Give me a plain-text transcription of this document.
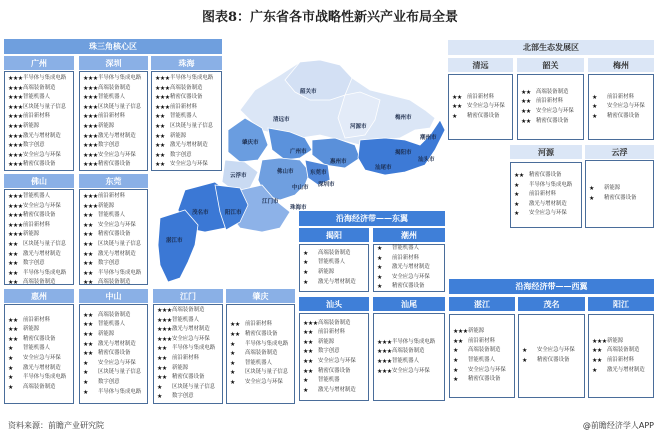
图表8：广东省各市战略性新兴产业布局全景
韶关市
清远市
河源市
梅州市
肇庆市
广州市
惠州市
揭阳市
潮州市
汕头市
汕尾市
云浮市
佛山市	东莞市
深圳市
中山市
江门市
珠海市
茂名市	阳江市
湛江市
珠三角核心区
广州	深圳	珠海
★★★ 半导体与集成电路
★★★ 高端装备制造
★★★ 智能机器人
★★★ 区块链与量子信息
★★★ 前沿新材料
★★★ 新能源
★★★ 激光与增材制造
★★★ 数字创意
★★★ 安全应急与环保
★★★ 精密仪器设备
★★★ 半导体与集成电路
★★★ 高端装备制造
★★★ 智能机器人
★★★ 区块链与量子信息
★★★ 前沿新材料
★★★ 新能源
★★★ 激光与增材制造
★★★ 数字创意
★★★ 安全应急与环保
★★★ 精密仪器设备
★★★ 半导体与集成电路
★★★ 高端装备制造
★★★ 精密仪器设备
★★★ 前沿新材料
★★ 智能机器人
★★ 区块链与量子信息
★★ 新能源
★★ 激光与增材制造
★★ 数字创意
★★ 安全应急与环保
佛山	东莞
★★★ 智能机器人
★★★ 安全应急与环保
★★★ 精密仪器设备
★★★ 前沿新材料
★★★ 新能源
★★ 区块链与量子信息
★★ 激光与增材制造
★★ 数字创意
★★ 半导体与集成电路
★★ 高端装备制造
★★★ 前沿新材料
★★★ 新能源
★★ 智能机器人
★★ 安全应急与环保
★★ 精密仪器设备
★★ 区块链与量子信息
★★ 激光与增材制造
★★ 数字创意
★★ 半导体与集成电路
★★ 高端装备制造
惠州	中山	江门	肇庆
★★ 前沿新材料
★★ 新能源
★★ 精密仪器设备
★	智能机器人
★	安全应急与环保
★	激光与增材制造
★	半导体与集成电路
★	高端装备制造
★★ 高端装备制造
★★ 智能机器人
★★ 新能源
★★ 激光与增材制造
★★ 精密仪器设备
★	安全应急与环保
★	区块链与量子信息
★	数字创意
★	半导体与集成电路
★★★ 高端装备制造
★★★ 智能机器人
★★★ 激光与增材制造
★★★ 安全应急与环保
★★ 半导体与集成电路
★★ 前沿新材料
★★ 新能源
★★ 精密仪器设备
★	区块链与量子信息
★	数字创意
★★ 前沿新材料
★★ 精密仪器设备
★	半导体与集成电路
★	高端装备制造
★	智能机器人
★	区块链与量子信息
★	安全应急与环保
北部生态发展区
清远	韶关	梅州
★★ 前沿新材料
★★ 安全应急与环保
★	精密仪器设备
★★ 高端装备制造
★★ 前沿新材料
★★ 安全应急与环保
★★ 精密仪器设备
★	前沿新材料
★	安全应急与环保
★	精密仪器设备
河源	云浮
★★ 精密仪器设备
★	半导体与集成电路
★	前沿新材料
★	激光与增材制造
★	安全应急与环保
★	新能源
★	精密仪器设备
沿海经济带——东翼
揭阳	潮州
★	高端装备制造
★	智能机器人
★	新能源
★	激光与增材制造
★	智能机器人
★	前沿新材料
★	激光与增材制造
★	安全应急与环保
★	精密仪器设备
汕头	汕尾
★★★ 高端装备制造
★★ 前沿新材料
★★ 新能源
★★ 数字创意
★★ 安全应急与环保
★★ 精密仪器设备
★	智能机器
★	激光与增材制造
★★★ 半导体与集成电路
★★★ 高端装备制造
★★★ 智能机器人
★★★ 安全应急与环保
沿海经济带——西翼
湛江	茂名	阳江
★★★ 新能源
★★ 前沿新材料
★	高端装备制造
★	智能机器人
★	安全应急与环保
★	精密仪器设备
★	安全应急与环保
★	精密仪器设备
★★★ 新能源
★★ 高端装备制造
★★ 前沿新材料
★	激光与增材制造
资料来源：前瞻产业研究院	@前瞻经济学人APP
